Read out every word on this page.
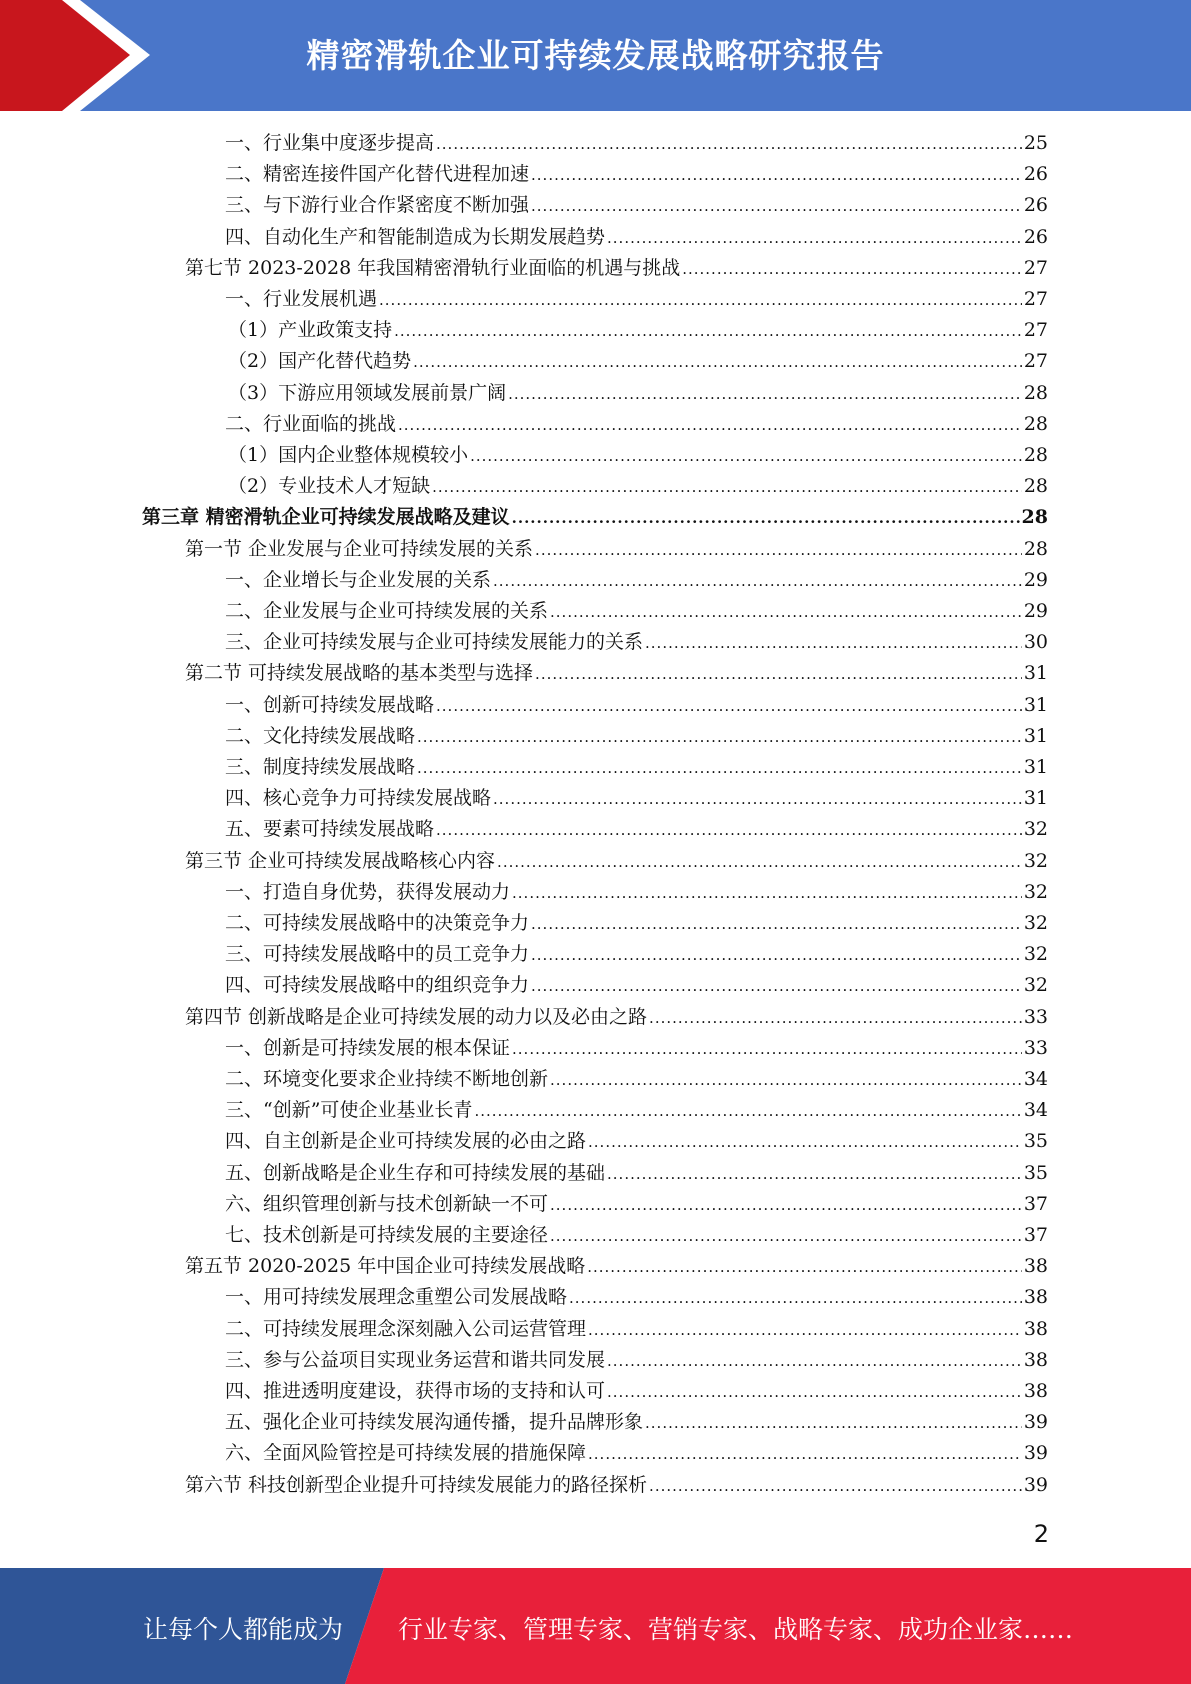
精密滑轨企业可持续发展战略研究报告
一、行业集中度逐步提高 .....	25
二、精密连接件国产化替代进程加速 .....	26
三、与下游行业合作紧密度不断加强 .....	26
四、自动化生产和智能制造成为长期发展趋势 .....	26
第七节 2023-2028 年我国精密滑轨行业面临的机遇与挑战 .....	27
一、行业发展机遇 .....	27
（1）产业政策支持 .....	27
（2）国产化替代趋势 .....	27
（3）下游应用领域发展前景广阔 .....	28
二、行业面临的挑战 .....	28
（1）国内企业整体规模较小 .....	28
（2）专业技术人才短缺 .....	28
第三章 精密滑轨企业可持续发展战略及建议 .....	28
第一节 企业发展与企业可持续发展的关系 .....	28
一、企业增长与企业发展的关系 .....	29
二、企业发展与企业可持续发展的关系 .....	29
三、企业可持续发展与企业可持续发展能力的关系 .....	30
第二节 可持续发展战略的基本类型与选择 .....	31
一、创新可持续发展战略 .....	31
二、文化持续发展战略 .....	31
三、制度持续发展战略 .....	31
四、核心竞争力可持续发展战略 .....	31
五、要素可持续发展战略 .....	32
第三节 企业可持续发展战略核心内容 .....	32
一、打造自身优势，获得发展动力 .....	32
二、可持续发展战略中的决策竞争力 .....	32
三、可持续发展战略中的员工竞争力 .....	32
四、可持续发展战略中的组织竞争力 .....	32
第四节 创新战略是企业可持续发展的动力以及必由之路 .....	33
一、创新是可持续发展的根本保证 .....	33
二、环境变化要求企业持续不断地创新 .....	34
三、“创新”可使企业基业长青 .....	34
四、自主创新是企业可持续发展的必由之路 .....	35
五、创新战略是企业生存和可持续发展的基础 .....	35
六、组织管理创新与技术创新缺一不可 .....	37
七、技术创新是可持续发展的主要途径 .....	37
第五节 2020-2025 年中国企业可持续发展战略 .....	38
一、用可持续发展理念重塑公司发展战略 .....	38
二、可持续发展理念深刻融入公司运营管理 .....	38
三、参与公益项目实现业务运营和谐共同发展 .....	38
四、推进透明度建设，获得市场的支持和认可 .....	38
五、强化企业可持续发展沟通传播，提升品牌形象 .....	39
六、全面风险管控是可持续发展的措施保障 .....	39
第六节 科技创新型企业提升可持续发展能力的路径探析 .....	39
2
让每个人都能成为 行业专家、管理专家、营销专家、战略专家、成功企业家……
